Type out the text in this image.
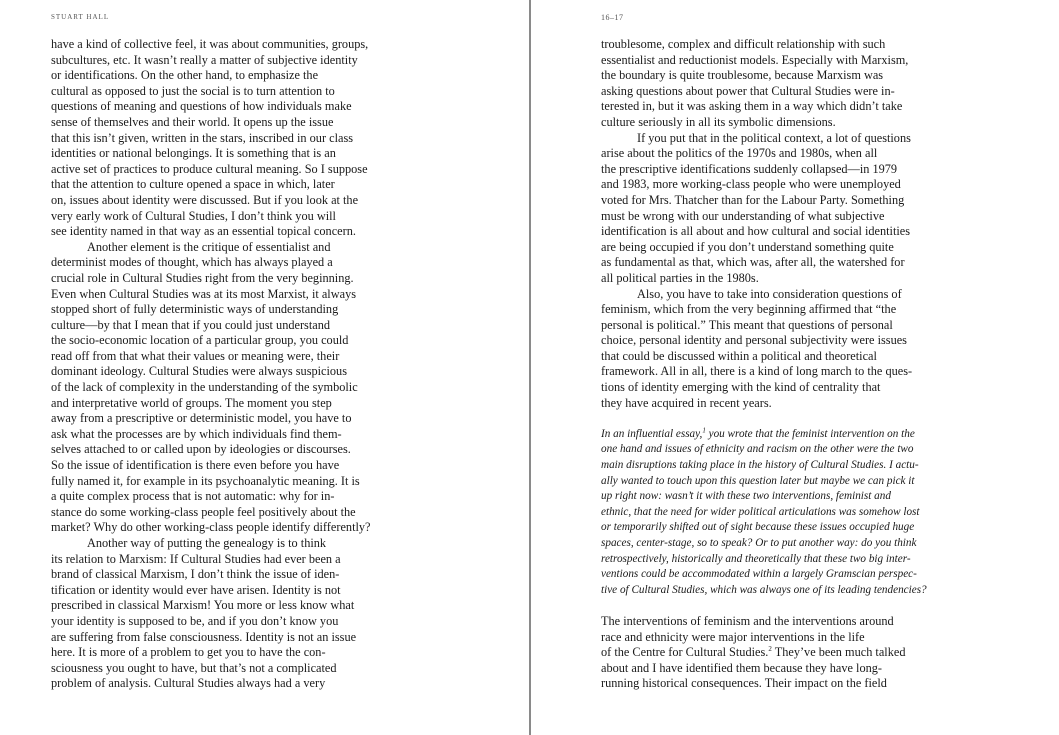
STUART HALL
have a kind of collective feel, it was about communities, groups,
subcultures, etc. It wasn’t really a matter of subjective identity
or identifications. On the other hand, to emphasize the
cultural as opposed to just the social is to turn attention to
questions of meaning and questions of how individuals make
sense of themselves and their world. It opens up the issue
that this isn’t given, written in the stars, inscribed in our class
identities or national belongings. It is something that is an
active set of practices to produce cultural meaning. So I suppose
that the attention to culture opened a space in which, later
on, issues about identity were discussed. But if you look at the
very early work of Cultural Studies, I don’t think you will
see identity named in that way as an essential topical concern.
Another element is the critique of essentialist and
determinist modes of thought, which has always played a
crucial role in Cultural Studies right from the very beginning.
Even when Cultural Studies was at its most Marxist, it always
stopped short of fully deterministic ways of understanding
culture—by that I mean that if you could just understand
the socio-economic location of a particular group, you could
read off from that what their values or meaning were, their
dominant ideology. Cultural Studies were always suspicious
of the lack of complexity in the understanding of the symbolic
and interpretative world of groups. The moment you step
away from a prescriptive or deterministic model, you have to
ask what the processes are by which individuals find them-
selves attached to or called upon by ideologies or discourses.
So the issue of identification is there even before you have
fully named it, for example in its psychoanalytic meaning. It is
a quite complex process that is not automatic: why for in-
stance do some working-class people feel positively about the
market? Why do other working-class people identify differently?
Another way of putting the genealogy is to think
its relation to Marxism: If Cultural Studies had ever been a
brand of classical Marxism, I don’t think the issue of iden-
tification or identity would ever have arisen. Identity is not
prescribed in classical Marxism! You more or less know what
your identity is supposed to be, and if you don’t know you
are suffering from false consciousness. Identity is not an issue
here. It is more of a problem to get you to have the con-
sciousness you ought to have, but that’s not a complicated
problem of analysis. Cultural Studies always had a very
16–17
troublesome, complex and difficult relationship with such
essentialist and reductionist models. Especially with Marxism,
the boundary is quite troublesome, because Marxism was
asking questions about power that Cultural Studies were in-
terested in, but it was asking them in a way which didn’t take
culture seriously in all its symbolic dimensions.
If you put that in the political context, a lot of questions
arise about the politics of the 1970s and 1980s, when all
the prescriptive identifications suddenly collapsed—in 1979
and 1983, more working-class people who were unemployed
voted for Mrs. Thatcher than for the Labour Party. Something
must be wrong with our understanding of what subjective
identification is all about and how cultural and social identities
are being occupied if you don’t understand something quite
as fundamental as that, which was, after all, the watershed for
all political parties in the 1980s.
Also, you have to take into consideration questions of
feminism, which from the very beginning affirmed that “the
personal is political.” This meant that questions of personal
choice, personal identity and personal subjectivity were issues
that could be discussed within a political and theoretical
framework. All in all, there is a kind of long march to the ques-
tions of identity emerging with the kind of centrality that
they have acquired in recent years.
In an influential essay,$^1$ you wrote that the feminist intervention on the
one hand and issues of ethnicity and racism on the other were the two
main disruptions taking place in the history of Cultural Studies. I actu-
ally wanted to touch upon this question later but maybe we can pick it
up right now: wasn’t it with these two interventions, feminist and
ethnic, that the need for wider political articulations was somehow lost
or temporarily shifted out of sight because these issues occupied huge
spaces, center-stage, so to speak? Or to put another way: do you think
retrospectively, historically and theoretically that these two big inter-
ventions could be accommodated within a largely Gramscian perspec-
tive of Cultural Studies, which was always one of its leading tendencies?
The interventions of feminism and the interventions around
race and ethnicity were major interventions in the life
of the Centre for Cultural Studies.$^2$ They’ve been much talked
about and I have identified them because they have long-
running historical consequences. Their impact on the field
